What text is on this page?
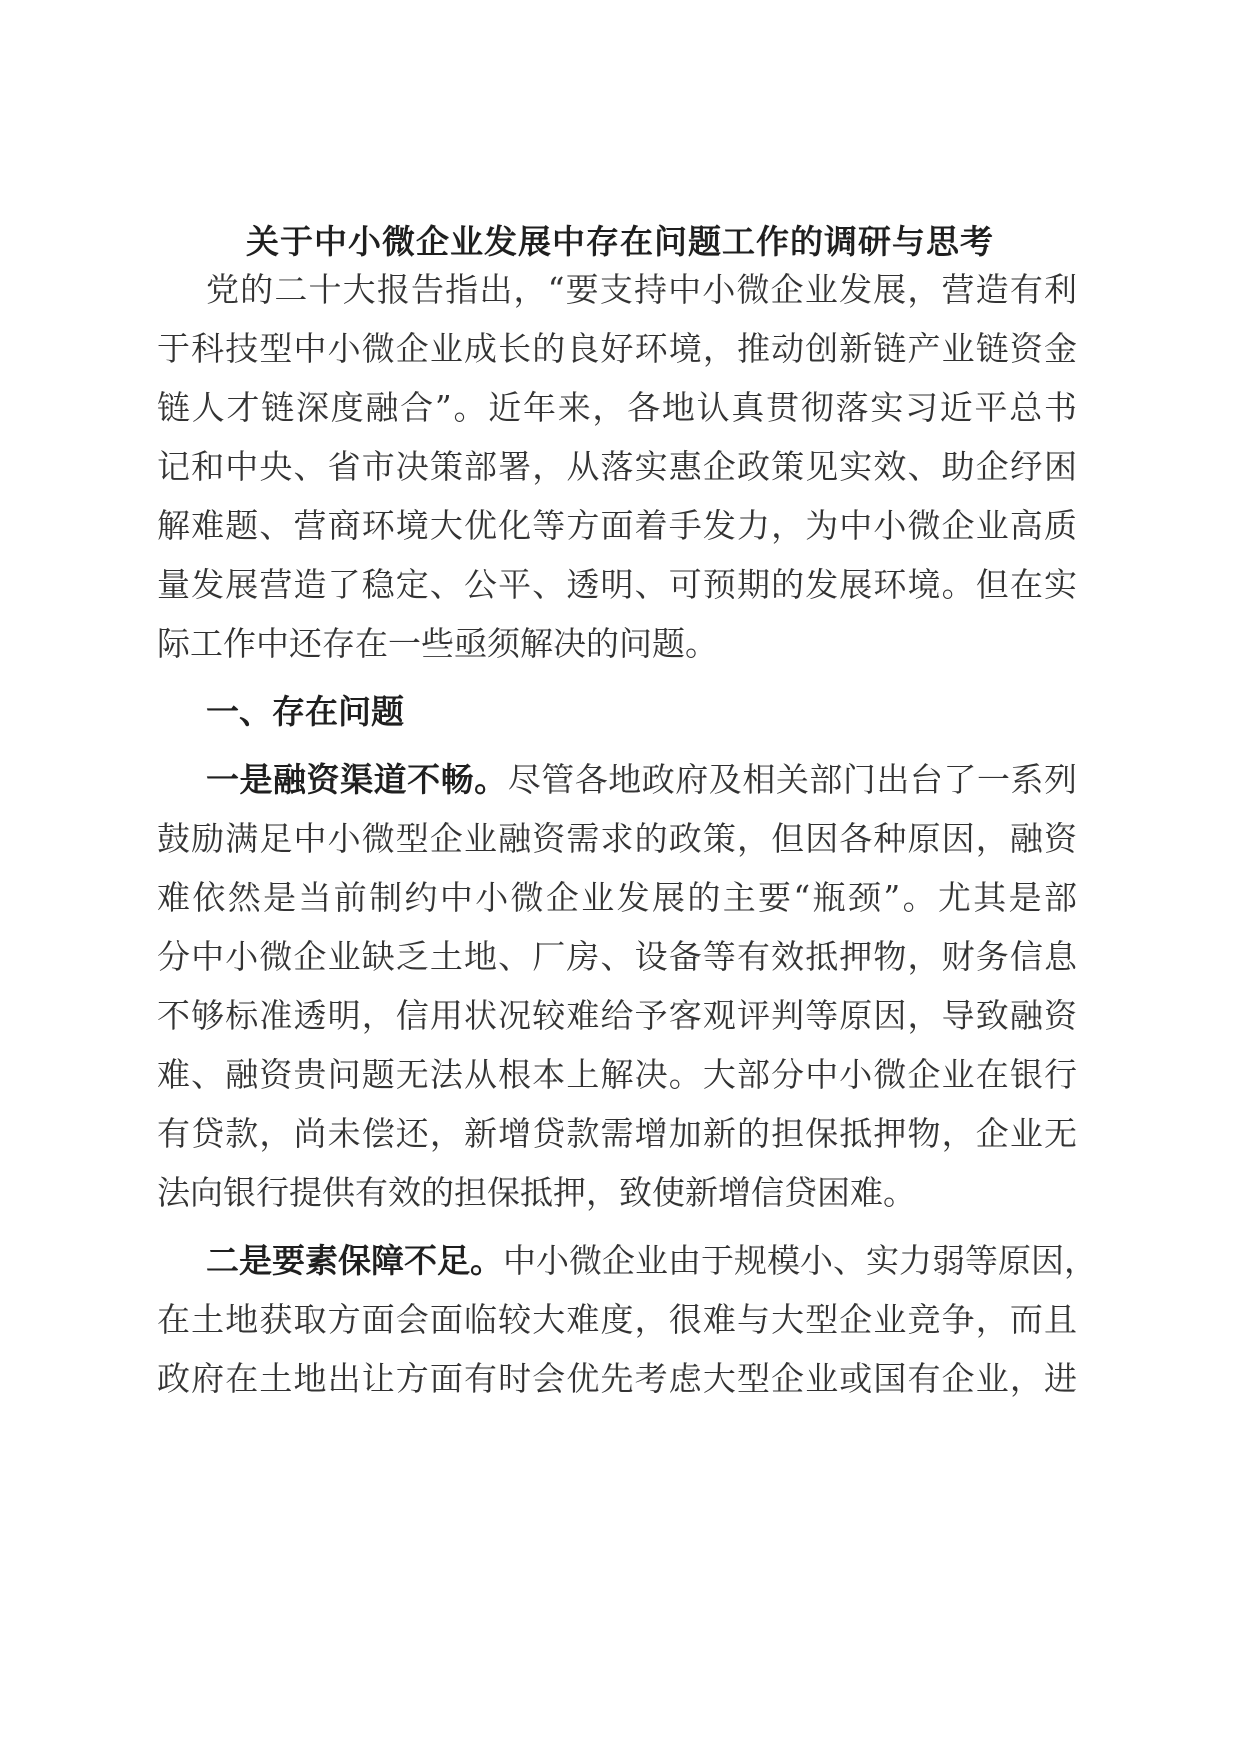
关于中小微企业发展中存在问题工作的调研与思考
党的二十大报告指出，“要支持中小微企业发展，营造有利
于科技型中小微企业成长的良好环境，推动创新链产业链资金
链人才链深度融合”。近年来，各地认真贯彻落实习近平总书
记和中央、省市决策部署，从落实惠企政策见实效、助企纾困
解难题、营商环境大优化等方面着手发力，为中小微企业高质
量发展营造了稳定、公平、透明、可预期的发展环境。但在实
际工作中还存在一些亟须解决的问题。
一、存在问题
一是融资渠道不畅。尽管各地政府及相关部门出台了一系列
鼓励满足中小微型企业融资需求的政策，但因各种原因，融资
难依然是当前制约中小微企业发展的主要“瓶颈”。尤其是部
分中小微企业缺乏土地、厂房、设备等有效抵押物，财务信息
不够标准透明，信用状况较难给予客观评判等原因，导致融资
难、融资贵问题无法从根本上解决。大部分中小微企业在银行
有贷款，尚未偿还，新增贷款需增加新的担保抵押物，企业无
法向银行提供有效的担保抵押，致使新增信贷困难。
二是要素保障不足。中小微企业由于规模小、实力弱等原因，
在土地获取方面会面临较大难度，很难与大型企业竞争，而且
政府在土地出让方面有时会优先考虑大型企业或国有企业，进
